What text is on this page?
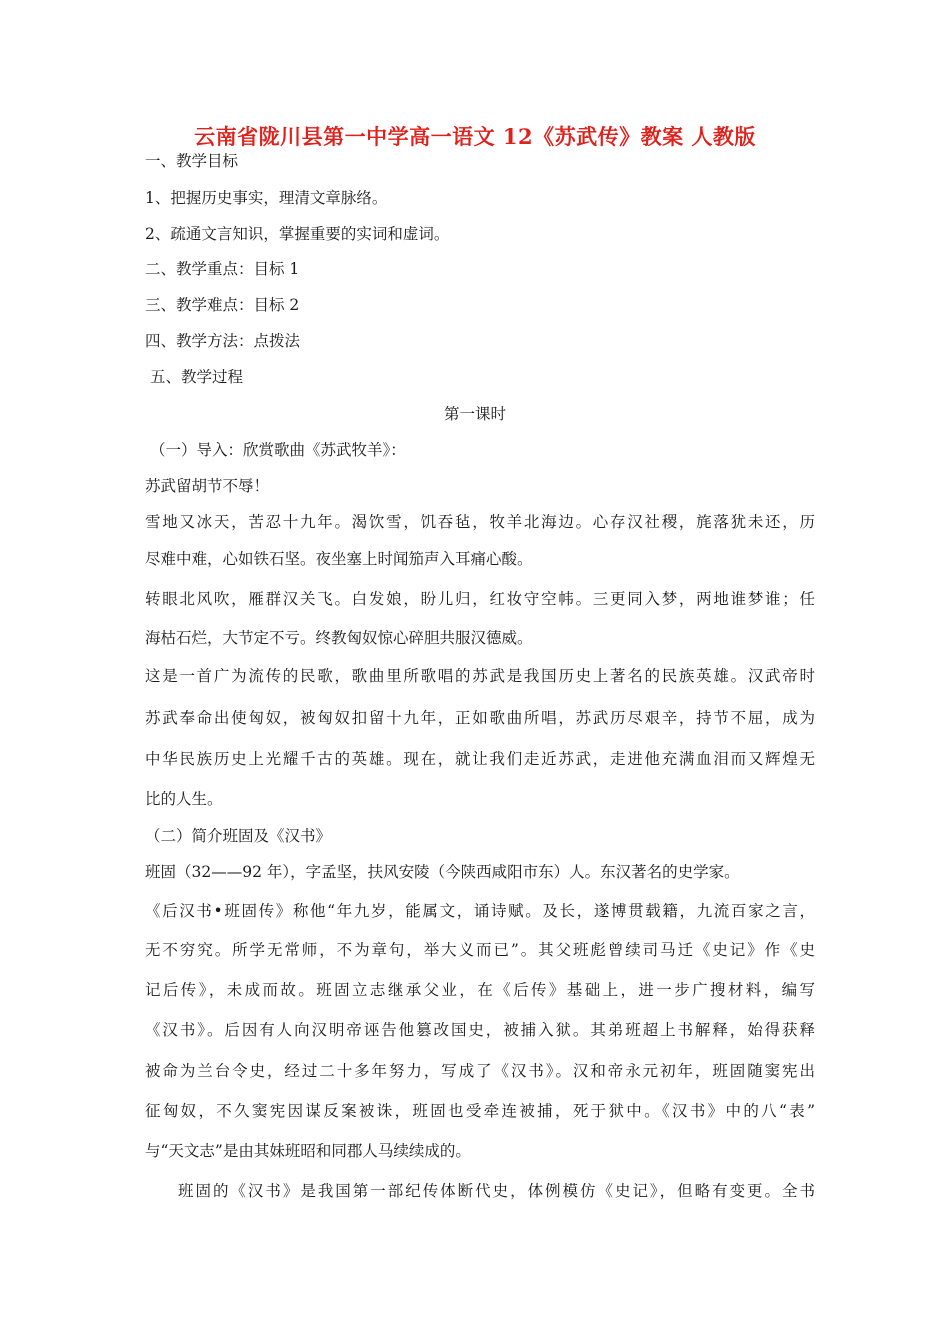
云南省陇川县第一中学高一语文 12《苏武传》教案 人教版
一、教学目标
1、把握历史事实，理清文章脉络。
2、疏通文言知识，掌握重要的实词和虚词。
二、教学重点：目标 1
三、教学难点：目标 2
四、教学方法：点拨法
五、教学过程
第一课时
（一）导入：欣赏歌曲《苏武牧羊》：
苏武留胡节不辱！
雪地又冰天，苦忍十九年。渴饮雪，饥吞毡，牧羊北海边。心存汉社稷，旄落犹未还，历
尽难中难，心如铁石坚。夜坐塞上时闻笳声入耳痛心酸。
转眼北风吹，雁群汉关飞。白发娘，盼儿归，红妆守空帏。三更同入梦，两地谁梦谁；任
海枯石烂，大节定不亏。终教匈奴惊心碎胆共服汉德威。
这是一首广为流传的民歌，歌曲里所歌唱的苏武是我国历史上著名的民族英雄。汉武帝时
苏武奉命出使匈奴，被匈奴扣留十九年，正如歌曲所唱，苏武历尽艰辛，持节不屈，成为
中华民族历史上光耀千古的英雄。现在，就让我们走近苏武，走进他充满血泪而又辉煌无
比的人生。
（二）简介班固及《汉书》
班固（32——92 年），字孟坚，扶风安陵（今陕西咸阳市东）人。东汉著名的史学家。
《后汉书•班固传》称他“年九岁，能属文，诵诗赋。及长，遂博贯载籍，九流百家之言，
无不穷究。所学无常师，不为章句，举大义而已”。其父班彪曾续司马迁《史记》作《史
记后传》，未成而故。班固立志继承父业，在《后传》基础上，进一步广搜材料，编写
《汉书》。后因有人向汉明帝诬告他篡改国史，被捕入狱。其弟班超上书解释，始得获释
被命为兰台令史，经过二十多年努力，写成了《汉书》。汉和帝永元初年，班固随窦宪出
征匈奴，不久窦宪因谋反案被诛，班固也受牵连被捕，死于狱中。《汉书》中的八“表”
与“天文志”是由其妹班昭和同郡人马续续成的。
班固的《汉书》是我国第一部纪传体断代史，体例模仿《史记》，但略有变更。全书
